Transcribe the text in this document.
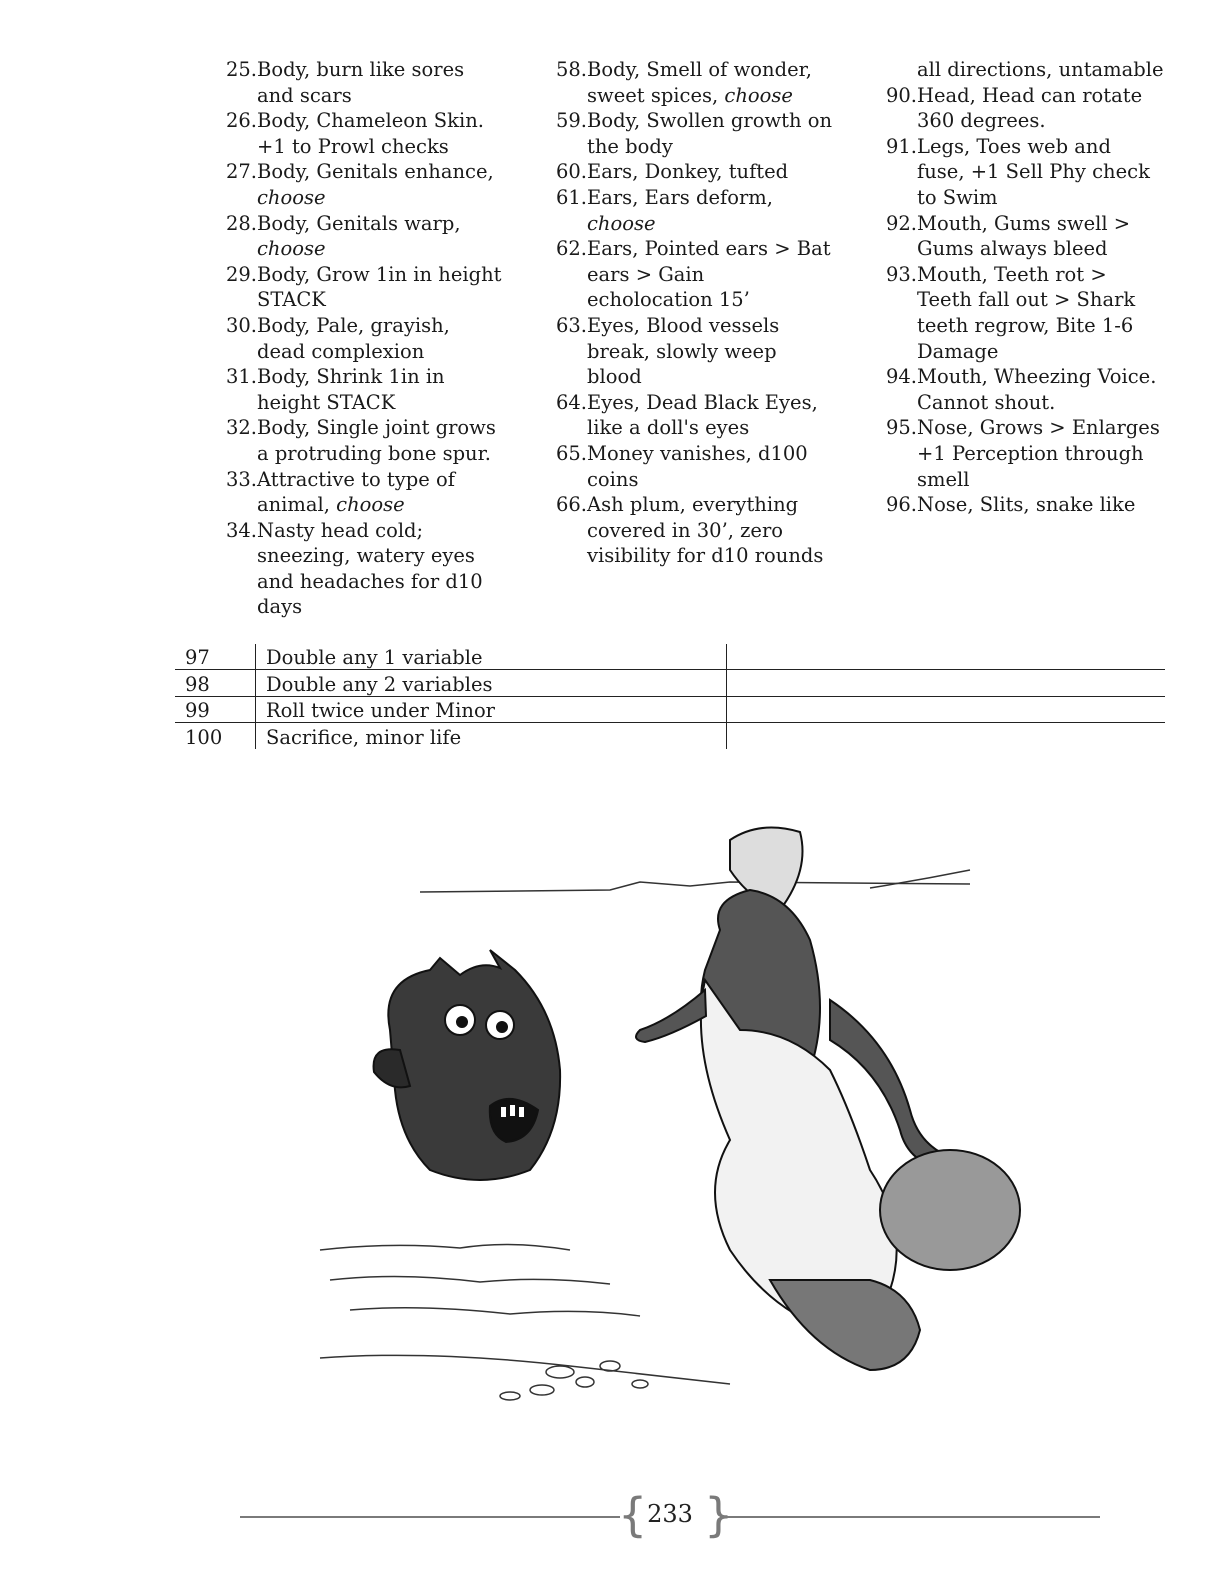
25. Body, burn like sores and scars
26. Body, Chameleon Skin. +1 to Prowl checks
27. Body, Genitals enhance, choose
28. Body, Genitals warp, choose
29. Body, Grow 1in in height STACK
30. Body, Pale, grayish, dead complexion
31. Body, Shrink 1in in height STACK
32. Body, Single joint grows a protruding bone spur.
33. Attractive to type of animal, choose
34. Nasty head cold; sneezing, watery eyes and headaches for d10 days
58. Body, Smell of wonder, sweet spices, choose
59. Body, Swollen growth on the body
60. Ears, Donkey, tufted
61. Ears, Ears deform, choose
62. Ears, Pointed ears > Bat ears > Gain echolocation 15’
63. Eyes, Blood vessels break, slowly weep blood
64. Eyes, Dead Black Eyes, like a doll's eyes
65. Money vanishes, d100 coins
66. Ash plum, everything covered in 30’, zero visibility for d10 rounds
all directions, untamable
90. Head, Head can rotate 360 degrees.
91. Legs, Toes web and fuse, +1 Sell Phy check to Swim
92. Mouth, Gums swell > Gums always bleed
93. Mouth, Teeth rot > Teeth fall out > Shark teeth regrow, Bite 1-6 Damage
94. Mouth, Wheezing Voice. Cannot shout.
95. Nose, Grows > Enlarges +1 Perception through smell
96. Nose, Slits, snake like
97	Double any 1 variable	
98	Double any 2 variables	
99	Roll twice under Minor	
100	Sacrifice, minor life	
{ }
233
